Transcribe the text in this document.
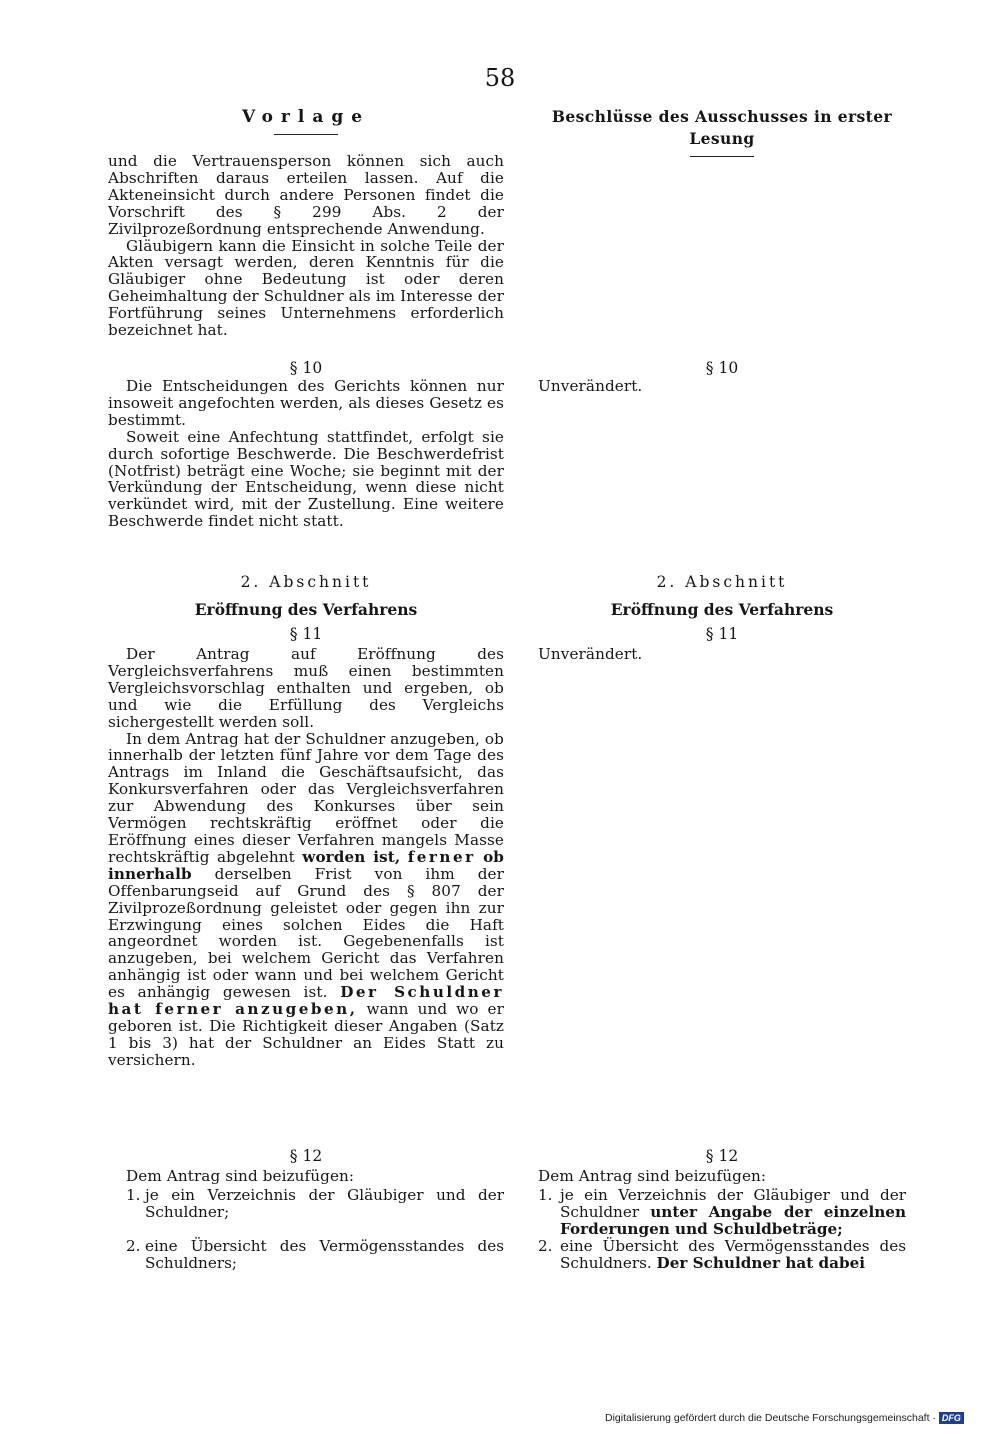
58
Vorlage

und die Vertrauensperson können sich auch Abschriften daraus erteilen lassen. Auf die Akteneinsicht durch andere Personen findet die Vorschrift des § 299 Abs. 2 der Zivilprozeßordnung entsprechende Anwendung.

Gläubigern kann die Einsicht in solche Teile der Akten versagt werden, deren Kenntnis für die Gläubiger ohne Bedeutung ist oder deren Geheimhaltung der Schuldner als im Interesse der Fortführung seines Unternehmens erforderlich bezeichnet hat.

§ 10

Die Entscheidungen des Gerichts können nur insoweit angefochten werden, als dieses Gesetz es bestimmt.

Soweit eine Anfechtung stattfindet, erfolgt sie durch sofortige Beschwerde. Die Beschwerdefrist (Notfrist) beträgt eine Woche; sie beginnt mit der Verkündung der Entscheidung, wenn diese nicht verkündet wird, mit der Zustellung. Eine weitere Beschwerde findet nicht statt.

2. Abschnitt

Eröffnung des Verfahrens

§ 11

Der Antrag auf Eröffnung des Vergleichsverfahrens muß einen bestimmten Vergleichsvorschlag enthalten und ergeben, ob und wie die Erfüllung des Vergleichs sichergestellt werden soll.

In dem Antrag hat der Schuldner anzugeben, ob innerhalb der letzten fünf Jahre vor dem Tage des Antrags im Inland die Geschäftsaufsicht, das Konkursverfahren oder das Vergleichsverfahren zur Abwendung des Konkurses über sein Vermögen rechtskräftig eröffnet oder die Eröffnung eines dieser Verfahren mangels Masse rechtskräftig abgelehnt worden ist, ferner ob innerhalb derselben Frist von ihm der Offenbarungseid auf Grund des § 807 der Zivilprozeßordnung geleistet oder gegen ihn zur Erzwingung eines solchen Eides die Haft angeordnet worden ist. Gegebenenfalls ist anzugeben, bei welchem Gericht das Verfahren anhängig ist oder wann und bei welchem Gericht es anhängig gewesen ist. Der Schuldner hat ferner anzugeben, wann und wo er geboren ist. Die Richtigkeit dieser Angaben (Satz 1 bis 3) hat der Schuldner an Eides Statt zu versichern.

§ 12

Dem Antrag sind beizufügen:

1. je ein Verzeichnis der Gläubiger und der Schuldner;

2. eine Übersicht des Vermögensstandes des Schuldners;

Beschlüsse des Ausschusses in erster Lesung

§ 10

Unverändert.

2. Abschnitt

Eröffnung des Verfahrens

§ 11

Unverändert.

§ 12

Dem Antrag sind beizufügen:

1. je ein Verzeichnis der Gläubiger und der Schuldner unter Angabe der einzelnen Forderungen und Schuldbeträge;

2. eine Übersicht des Vermögensstandes des Schuldners. Der Schuldner hat dabei

Digitalisierung gefördert durch die Deutsche Forschungsgemeinschaft · DFG
